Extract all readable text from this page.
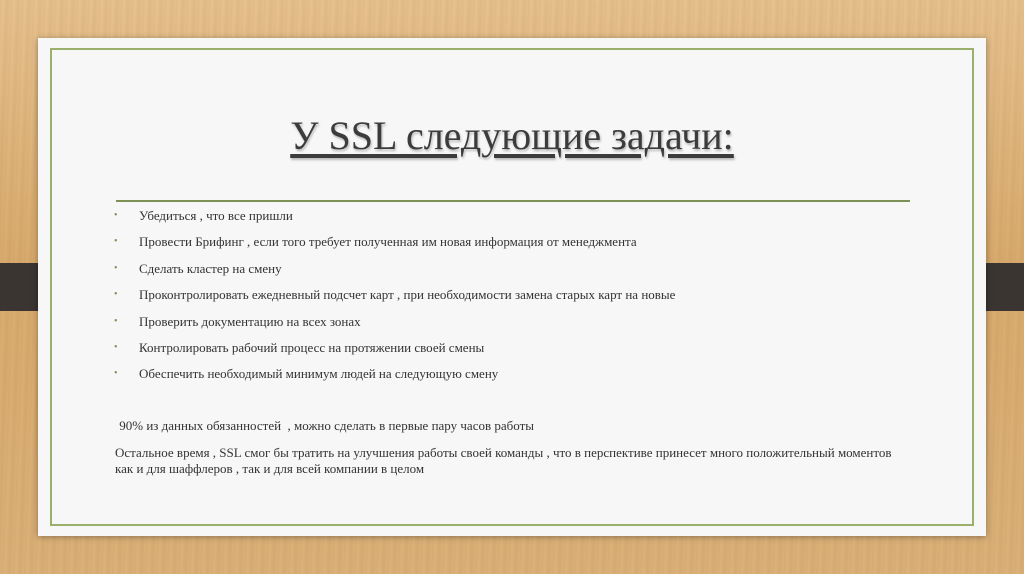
У SSL следующие задачи:
• Убедиться , что все пришли
• Провести Брифинг , если того требует полученная им новая информация от менеджмента
• Сделать кластер на смену
• Проконтролировать ежедневный подсчет карт , при необходимости замена старых карт на новые
• Проверить документацию на всех зонах
• Контролировать рабочий процесс на протяжении своей смены
• Обеспечить необходимый минимум людей на следующую смену
90% из данных обязанностей  , можно сделать в первые пару часов работы
Остальное время , SSL смог бы тратить на улучшения работы своей команды , что в перспективе принесет много положительный моментов как и для шаффлеров , так и для всей компании в целом
